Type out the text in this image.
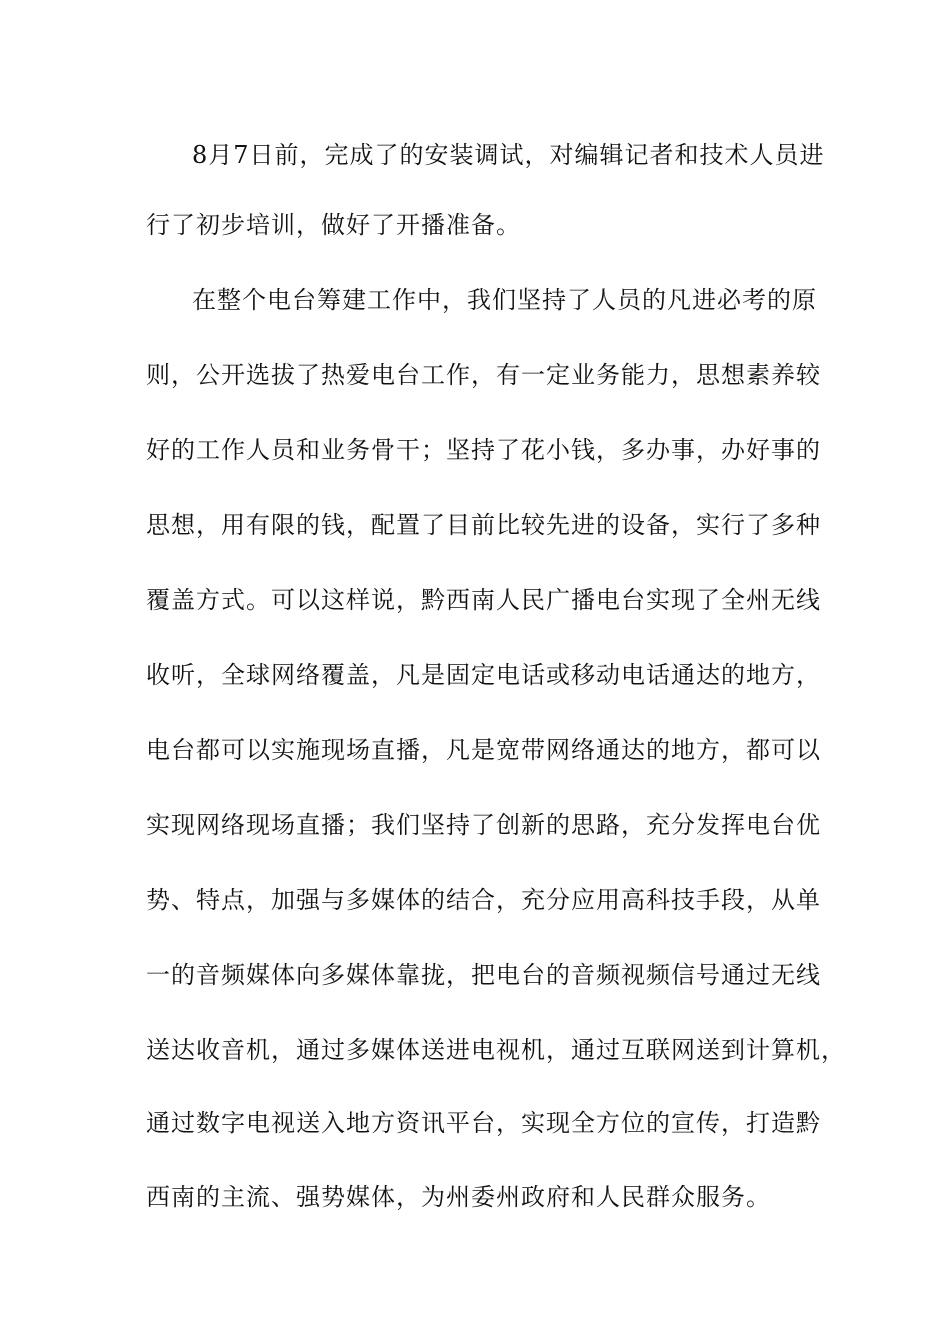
8月7日前，完成了的安装调试，对编辑记者和技术人员进
行了初步培训，做好了开播准备。
在整个电台筹建工作中，我们坚持了人员的凡进必考的原
则，公开选拔了热爱电台工作，有一定业务能力，思想素养较
好的工作人员和业务骨干；坚持了花小钱，多办事，办好事的
思想，用有限的钱，配置了目前比较先进的设备，实行了多种
覆盖方式。可以这样说，黔西南人民广播电台实现了全州无线
收听，全球网络覆盖，凡是固定电话或移动电话通达的地方，
电台都可以实施现场直播，凡是宽带网络通达的地方，都可以
实现网络现场直播；我们坚持了创新的思路，充分发挥电台优
势、特点，加强与多媒体的结合，充分应用高科技手段，从单
一的音频媒体向多媒体靠拢，把电台的音频视频信号通过无线
送达收音机，通过多媒体送进电视机，通过互联网送到计算机，
通过数字电视送入地方资讯平台，实现全方位的宣传，打造黔
西南的主流、强势媒体，为州委州政府和人民群众服务。
